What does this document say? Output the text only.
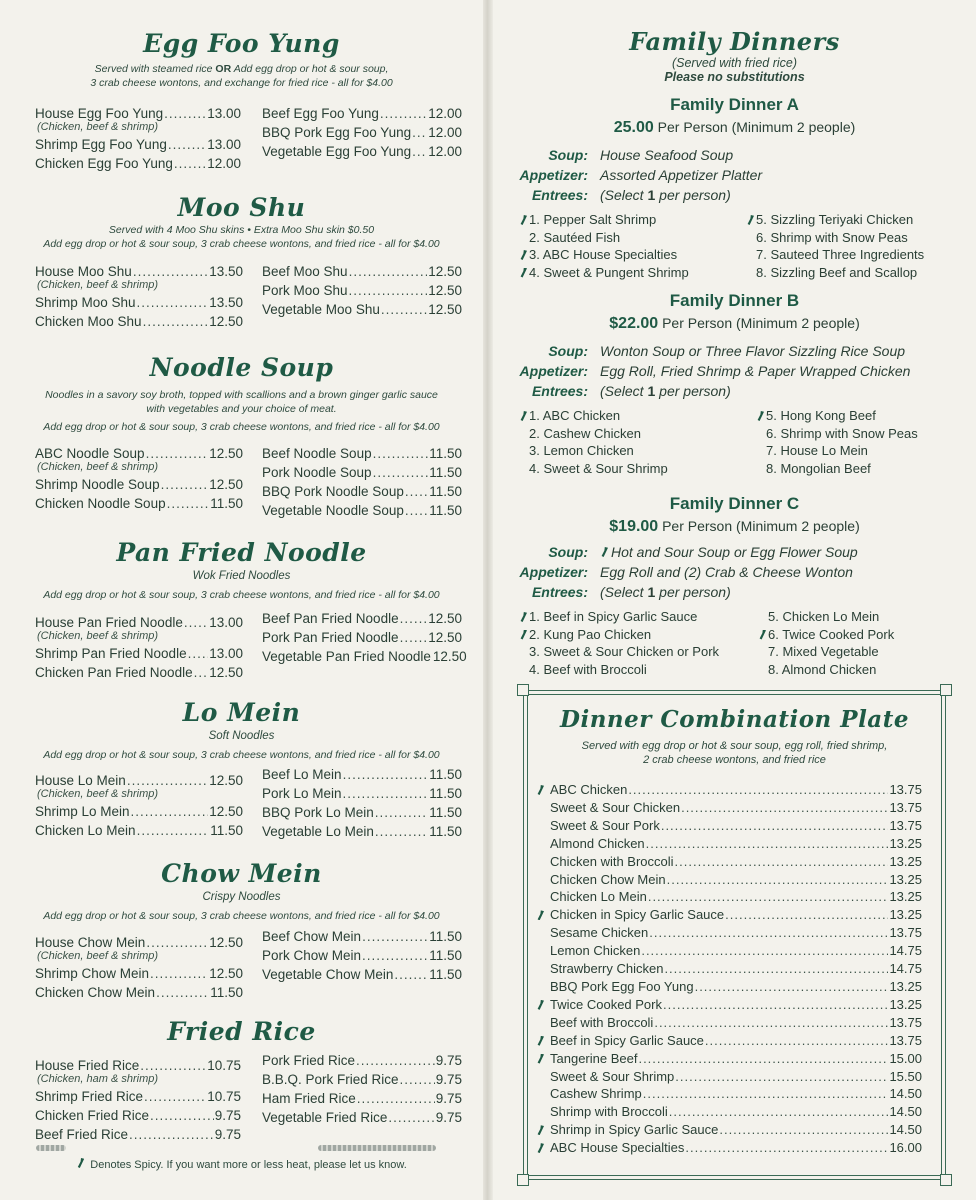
Egg Foo Yung
Served with steamed rice OR Add egg drop or hot & sour soup,
3 crab cheese wontons, and exchange for fried rice - all for $4.00
House Egg Foo Yung .....	13.00
(Chicken, beef & shrimp)
Shrimp Egg Foo Yung .....	13.00
Chicken Egg Foo Yung .....	12.00
Beef Egg Foo Yung .....	12.00
BBQ Pork Egg Foo Yung ..... 12.00
Vegetable Egg Foo Yung ..... 12.00
Moo Shu
Served with 4 Moo Shu skins • Extra Moo Shu skin $0.50
Add egg drop or hot & sour soup, 3 crab cheese wontons, and fried rice - all for $4.00
House Moo Shu .....	13.50
(Chicken, beef & shrimp)
Shrimp Moo Shu .....	13.50
Chicken Moo Shu .....	12.50
Beef Moo Shu .....	12.50
Pork Moo Shu .....	12.50
Vegetable Moo Shu .....	12.50
Noodle Soup
Noodles in a savory soy broth, topped with scallions and a brown ginger garlic sauce
with vegetables and your choice of meat.
Add egg drop or hot & sour soup, 3 crab cheese wontons, and fried rice - all for $4.00
ABC Noodle Soup .....	12.50
(Chicken, beef & shrimp)
Shrimp Noodle Soup .....	12.50
Chicken Noodle Soup .....	11.50
Beef Noodle Soup .....	11.50
Pork Noodle Soup .....	11.50
BBQ Pork Noodle Soup ..... 11.50
Vegetable Noodle Soup ..... 11.50
Pan Fried Noodle
Wok Fried Noodles
Add egg drop or hot & sour soup, 3 crab cheese wontons, and fried rice - all for $4.00
House Pan Fried Noodle ..... 13.00
(Chicken, beef & shrimp)
Shrimp Pan Fried Noodle ..... 13.00
Chicken Pan Fried Noodle ..... 12.50
Beef Pan Fried Noodle ..... 12.50
Pork Pan Fried Noodle ..... 12.50
Vegetable Pan Fried Noodle 12.50
Lo Mein
Soft Noodles
Add egg drop or hot & sour soup, 3 crab cheese wontons, and fried rice - all for $4.00
House Lo Mein .....	12.50
(Chicken, beef & shrimp)
Shrimp Lo Mein .....	12.50
Chicken Lo Mein .....	11.50
Beef Lo Mein .....	11.50
Pork Lo Mein .....	11.50
BBQ Pork Lo Mein .....	11.50
Vegetable Lo Mein .....	11.50
Chow Mein
Crispy Noodles
Add egg drop or hot & sour soup, 3 crab cheese wontons, and fried rice - all for $4.00
House Chow Mein .....	12.50
(Chicken, beef & shrimp)
Shrimp Chow Mein .....	12.50
Chicken Chow Mein .....	11.50
Beef Chow Mein .....	11.50
Pork Chow Mein .....	11.50
Vegetable Chow Mein .....	11.50
Fried Rice
House Fried Rice .....	10.75
(Chicken, ham & shrimp)
Shrimp Fried Rice .....	10.75
Chicken Fried Rice .....	9.75
Beef Fried Rice .....	9.75
Pork Fried Rice .....	9.75
B.B.Q. Pork Fried Rice .....	9.75
Ham Fried Rice .....	9.75
Vegetable Fried Rice .....	9.75
Denotes Spicy. If you want more or less heat, please let us know.
Family Dinners
(Served with fried rice)
Please no substitutions
Family Dinner A
25.00 Per Person (Minimum 2 people)
Soup: House Seafood Soup
Appetizer: Assorted Appetizer Platter
Entrees: (Select 1 per person)
1. Pepper Salt Shrimp
2. Sautéed Fish
3. ABC House Specialties
4. Sweet & Pungent Shrimp
5. Sizzling Teriyaki Chicken
6. Shrimp with Snow Peas
7. Sauteed Three Ingredients
8. Sizzling Beef and Scallop
Family Dinner B
$22.00 Per Person (Minimum 2 people)
Soup: Wonton Soup or Three Flavor Sizzling Rice Soup
Appetizer: Egg Roll, Fried Shrimp & Paper Wrapped Chicken
Entrees: (Select 1 per person)
1. ABC Chicken
2. Cashew Chicken
3. Lemon Chicken
4. Sweet & Sour Shrimp
5. Hong Kong Beef
6. Shrimp with Snow Peas
7. House Lo Mein
8. Mongolian Beef
Family Dinner C
$19.00 Per Person (Minimum 2 people)
Soup:	Hot and Sour Soup or Egg Flower Soup
Appetizer: Egg Roll and (2) Crab & Cheese Wonton
Entrees: (Select 1 per person)
1. Beef in Spicy Garlic Sauce
2. Kung Pao Chicken
3. Sweet & Sour Chicken or Pork
4. Beef with Broccoli
5. Chicken Lo Mein
6. Twice Cooked Pork
7. Mixed Vegetable
8. Almond Chicken
Dinner Combination Plate
Served with egg drop or hot & sour soup, egg roll, fried shrimp,
2 crab cheese wontons, and fried rice
ABC Chicken .....	13.75
Sweet & Sour Chicken .....	13.75
Sweet & Sour Pork .....	13.75
Almond Chicken .....	13.25
Chicken with Broccoli .....	13.25
Chicken Chow Mein .....	13.25
Chicken Lo Mein .....	13.25
Chicken in Spicy Garlic Sauce .....	13.25
Sesame Chicken .....	13.75
Lemon Chicken .....	14.75
Strawberry Chicken .....	14.75
BBQ Pork Egg Foo Yung .....	13.25
Twice Cooked Pork .....	13.25
Beef with Broccoli .....	13.75
Beef in Spicy Garlic Sauce .....	13.75
Tangerine Beef .....	15.00
Sweet & Sour Shrimp .....	15.50
Cashew Shrimp .....	14.50
Shrimp with Broccoli .....	14.50
Shrimp in Spicy Garlic Sauce .....	14.50
ABC House Specialties .....	16.00
